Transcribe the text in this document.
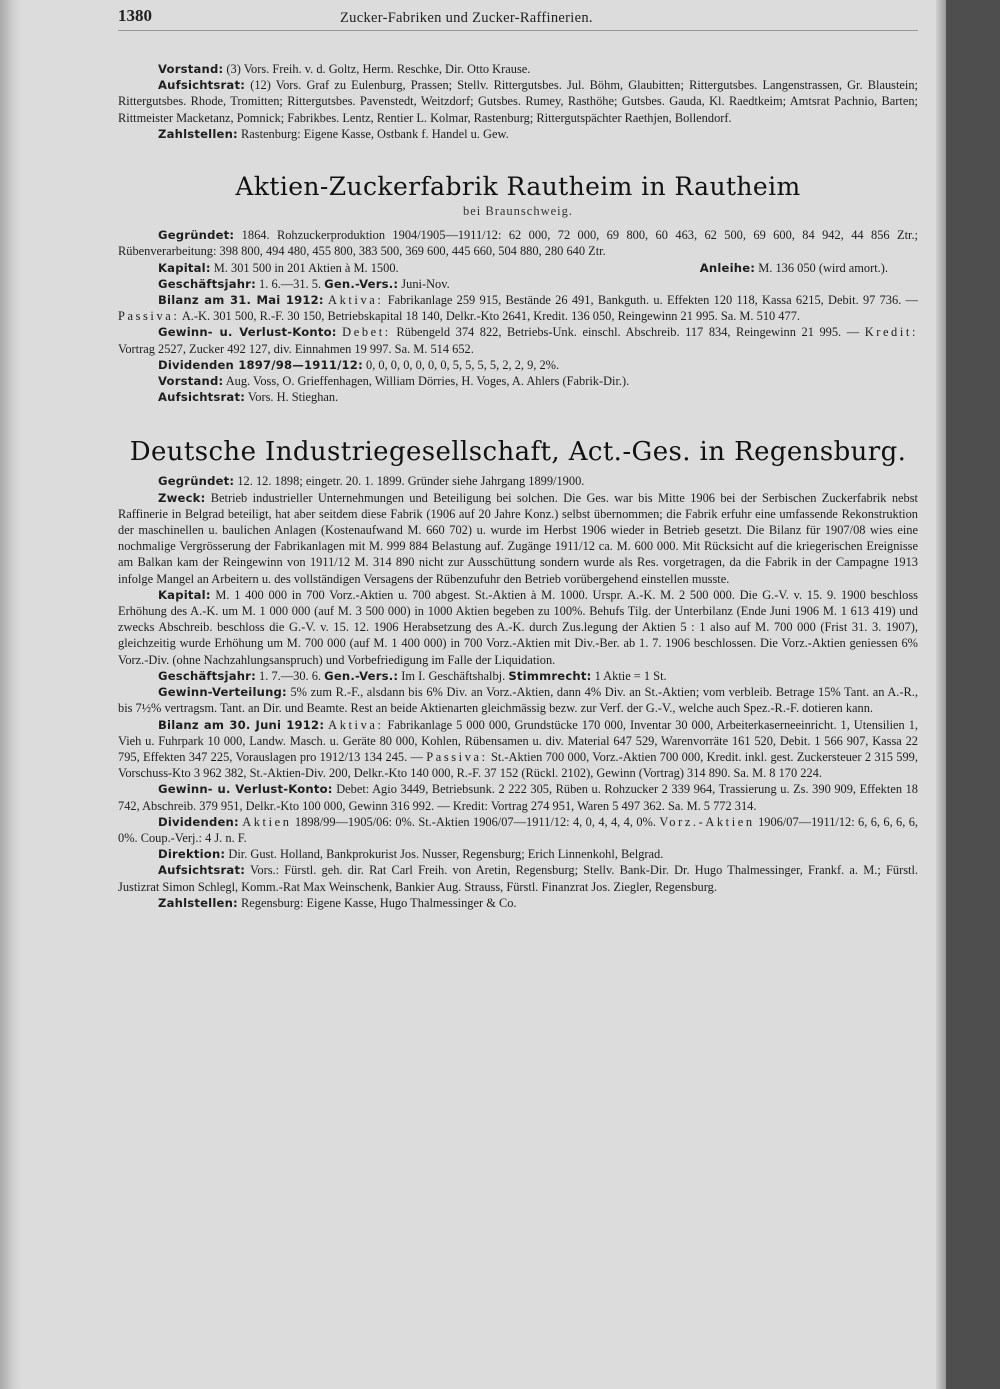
1380	Zucker-Fabriken und Zucker-Raffinerien.

Vorstand: (3) Vors. Freih. v. d. Goltz, Herm. Reschke, Dir. Otto Krause.

Aufsichtsrat: (12) Vors. Graf zu Eulenburg, Prassen; Stellv. Rittergutsbes. Jul. Böhm, Glaubitten; Rittergutsbes. Langenstrassen, Gr. Blaustein; Rittergutsbes. Rhode, Tromitten; Rittergutsbes. Pavenstedt, Weitzdorf; Gutsbes. Rumey, Rasthöhe; Gutsbes. Gauda, Kl. Raedtkeim; Amtsrat Pachnio, Barten; Rittmeister Macketanz, Pomnick; Fabrikbes. Lentz, Rentier L. Kolmar, Rastenburg; Rittergutspächter Raethjen, Bollendorf.

Zahlstellen: Rastenburg: Eigene Kasse, Ostbank f. Handel u. Gew.

Aktien-Zuckerfabrik Rautheim in Rautheim
bei Braunschweig.

Gegründet: 1864. Rohzuckerproduktion 1904/1905—1911/12: 62 000, 72 000, 69 800, 60 463, 62 500, 69 600, 84 942, 44 856 Ztr.; Rübenverarbeitung: 398 800, 494 480, 455 800, 383 500, 369 600, 445 660, 504 880, 280 640 Ztr.

Kapital: M. 301 500 in 201 Aktien à M. 1500.	Anleihe: M. 136 050 (wird amort.).

Geschäftsjahr: 1. 6.—31. 5. Gen.-Vers.: Juni-Nov.

Bilanz am 31. Mai 1912: Aktiva: Fabrikanlage 259 915, Bestände 26 491, Bankguth. u. Effekten 120 118, Kassa 6215, Debit. 97 736. — Passiva: A.-K. 301 500, R.-F. 30 150, Betriebskapital 18 140, Delkr.-Kto 2641, Kredit. 136 050, Reingewinn 21 995. Sa. M. 510 477.

Gewinn- u. Verlust-Konto: Debet: Rübengeld 374 822, Betriebs-Unk. einschl. Abschreib. 117 834, Reingewinn 21 995. — Kredit: Vortrag 2527, Zucker 492 127, div. Einnahmen 19 997. Sa. M. 514 652.

Dividenden 1897/98—1911/12: 0, 0, 0, 0, 0, 0, 0, 5, 5, 5, 5, 2, 2, 9, 2%.

Vorstand: Aug. Voss, O. Grieffenhagen, William Dörries, H. Voges, A. Ahlers (Fabrik-Dir.).

Aufsichtsrat: Vors. H. Stieghan.

Deutsche Industriegesellschaft, Act.-Ges. in Regensburg.

Gegründet: 12. 12. 1898; eingetr. 20. 1. 1899. Gründer siehe Jahrgang 1899/1900.

Zweck: Betrieb industrieller Unternehmungen und Beteiligung bei solchen. Die Ges. war bis Mitte 1906 bei der Serbischen Zuckerfabrik nebst Raffinerie in Belgrad beteiligt, hat aber seitdem diese Fabrik (1906 auf 20 Jahre Konz.) selbst übernommen; die Fabrik erfuhr eine umfassende Rekonstruktion der maschinellen u. baulichen Anlagen (Kostenaufwand M. 660 702) u. wurde im Herbst 1906 wieder in Betrieb gesetzt. Die Bilanz für 1907/08 wies eine nochmalige Vergrösserung der Fabrikanlagen mit M. 999 884 Belastung auf. Zugänge 1911/12 ca. M. 600 000. Mit Rücksicht auf die kriegerischen Ereignisse am Balkan kam der Reingewinn von 1911/12 M. 314 890 nicht zur Ausschüttung sondern wurde als Res. vorgetragen, da die Fabrik in der Campagne 1913 infolge Mangel an Arbeitern u. des vollständigen Versagens der Rübenzufuhr den Betrieb vorübergehend einstellen musste.

Kapital: M. 1 400 000 in 700 Vorz.-Aktien u. 700 abgest. St.-Aktien à M. 1000. Urspr. A.-K. M. 2 500 000. Die G.-V. v. 15. 9. 1900 beschloss Erhöhung des A.-K. um M. 1 000 000 (auf M. 3 500 000) in 1000 Aktien begeben zu 100%. Behufs Tilg. der Unterbilanz (Ende Juni 1906 M. 1 613 419) und zwecks Abschreib. beschloss die G.-V. v. 15. 12. 1906 Herabsetzung des A.-K. durch Zus.legung der Aktien 5 : 1 also auf M. 700 000 (Frist 31. 3. 1907), gleichzeitig wurde Erhöhung um M. 700 000 (auf M. 1 400 000) in 700 Vorz.-Aktien mit Div.-Ber. ab 1. 7. 1906 beschlossen. Die Vorz.-Aktien geniessen 6% Vorz.-Div. (ohne Nachzahlungsanspruch) und Vorbefriedigung im Falle der Liquidation.

Geschäftsjahr: 1. 7.—30. 6. Gen.-Vers.: Im I. Geschäftshalbj. Stimmrecht: 1 Aktie = 1 St.

Gewinn-Verteilung: 5% zum R.-F., alsdann bis 6% Div. an Vorz.-Aktien, dann 4% Div. an St.-Aktien; vom verbleib. Betrage 15% Tant. an A.-R., bis 7½% vertragsm. Tant. an Dir. und Beamte. Rest an beide Aktienarten gleichmässig bezw. zur Verf. der G.-V., welche auch Spez.-R.-F. dotieren kann.

Bilanz am 30. Juni 1912: Aktiva: Fabrikanlage 5 000 000, Grundstücke 170 000, Inventar 30 000, Arbeiterkaserneeinricht. 1, Utensilien 1, Vieh u. Fuhrpark 10 000, Landw. Masch. u. Geräte 80 000, Kohlen, Rübensamen u. div. Material 647 529, Warenvorräte 161 520, Debit. 1 566 907, Kassa 22 795, Effekten 347 225, Vorauslagen pro 1912/13 134 245. — Passiva: St.-Aktien 700 000, Vorz.-Aktien 700 000, Kredit. inkl. gest. Zuckersteuer 2 315 599, Vorschuss-Kto 3 962 382, St.-Aktien-Div. 200, Delkr.-Kto 140 000, R.-F. 37 152 (Rückl. 2102), Gewinn (Vortrag) 314 890. Sa. M. 8 170 224.

Gewinn- u. Verlust-Konto: Debet: Agio 3449, Betriebsunk. 2 222 305, Rüben u. Rohzucker 2 339 964, Trassierung u. Zs. 390 909, Effekten 18 742, Abschreib. 379 951, Delkr.-Kto 100 000, Gewinn 316 992. — Kredit: Vortrag 274 951, Waren 5 497 362. Sa. M. 5 772 314.

Dividenden: Aktien 1898/99—1905/06: 0%. St.-Aktien 1906/07—1911/12: 4, 0, 4, 4, 4, 0%. Vorz.-Aktien 1906/07—1911/12: 6, 6, 6, 6, 6, 0%. Coup.-Verj.: 4 J. n. F.

Direktion: Dir. Gust. Holland, Bankprokurist Jos. Nusser, Regensburg; Erich Linnenkohl, Belgrad.

Aufsichtsrat: Vors.: Fürstl. geh. dir. Rat Carl Freih. von Aretin, Regensburg; Stellv. Bank-Dir. Dr. Hugo Thalmessinger, Frankf. a. M.; Fürstl. Justizrat Simon Schlegl, Komm.-Rat Max Weinschenk, Bankier Aug. Strauss, Fürstl. Finanzrat Jos. Ziegler, Regensburg.

Zahlstellen: Regensburg: Eigene Kasse, Hugo Thalmessinger & Co.
